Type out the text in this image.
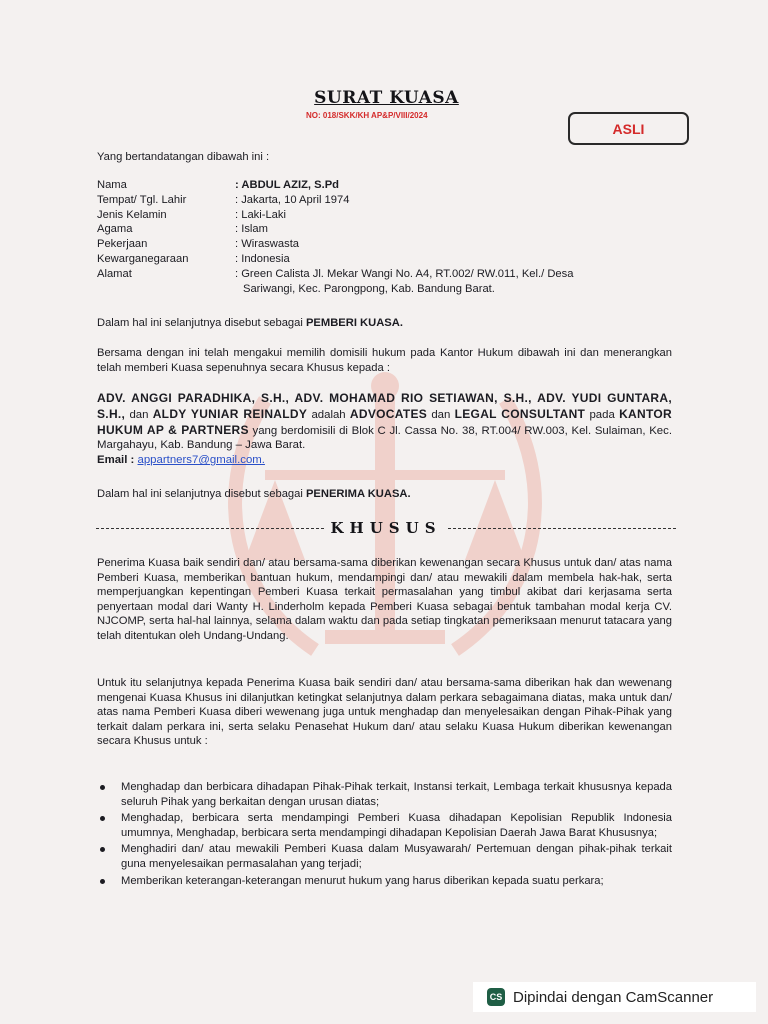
SURAT KUASA
NO: 018/SKK/KH AP&P/VIII/2024
ASLI
Yang bertandatangan dibawah ini :
Nama	: ABDUL AZIZ, S.Pd
Tempat/ Tgl. Lahir	: Jakarta, 10 April 1974
Jenis Kelamin	: Laki-Laki
Agama	: Islam
Pekerjaan	: Wiraswasta
Kewarganegaraan	: Indonesia
Alamat	: Green Calista Jl. Mekar Wangi No. A4, RT.002/ RW.011, Kel./ Desa
Sariwangi, Kec. Parongpong, Kab. Bandung Barat.
Dalam hal ini selanjutnya disebut sebagai PEMBERI KUASA.
Bersama dengan ini telah mengakui memilih domisili hukum pada Kantor Hukum dibawah ini dan menerangkan telah memberi Kuasa sepenuhnya secara Khusus kepada :
ADV. ANGGI PARADHIKA, S.H., ADV. MOHAMAD RIO SETIAWAN, S.H., ADV. YUDI GUNTARA, S.H., dan ALDY YUNIAR REINALDY adalah ADVOCATES dan LEGAL CONSULTANT pada KANTOR HUKUM AP & PARTNERS yang berdomisili di Blok C Jl. Cassa No. 38, RT.004/ RW.003, Kel. Sulaiman, Kec. Margahayu, Kab. Bandung – Jawa Barat.
Email : appartners7@gmail.com.
Dalam hal ini selanjutnya disebut sebagai PENERIMA KUASA.
KHUSUS
Penerima Kuasa baik sendiri dan/ atau bersama-sama diberikan kewenangan secara Khusus untuk dan/ atas nama Pemberi Kuasa, memberikan bantuan hukum, mendampingi dan/ atau mewakili dalam membela hak-hak, serta memperjuangkan kepentingan Pemberi Kuasa terkait permasalahan yang timbul akibat dari kerjasama serta penyertaan modal dari Wanty H. Linderholm kepada Pemberi Kuasa sebagai bentuk tambahan modal kerja CV. NJCOMP, serta hal-hal lainnya, selama dalam waktu dan pada setiap tingkatan pemeriksaan menurut tatacara yang telah ditentukan oleh Undang-Undang.
Untuk itu selanjutnya kepada Penerima Kuasa baik sendiri dan/ atau bersama-sama diberikan hak dan wewenang mengenai Kuasa Khusus ini dilanjutkan ketingkat selanjutnya dalam perkara sebagaimana diatas, maka untuk dan/ atas nama Pemberi Kuasa diberi wewenang juga untuk menghadap dan menyelesaikan dengan Pihak-Pihak yang terkait dalam perkara ini, serta selaku Penasehat Hukum dan/ atau selaku Kuasa Hukum diberikan kewenangan secara Khusus untuk :
Menghadap dan berbicara dihadapan Pihak-Pihak terkait, Instansi terkait, Lembaga terkait khususnya kepada seluruh Pihak yang berkaitan dengan urusan diatas;
Menghadap, berbicara serta mendampingi Pemberi Kuasa dihadapan Kepolisian Republik Indonesia umumnya, Menghadap, berbicara serta mendampingi dihadapan Kepolisian Daerah Jawa Barat Khususnya;
Menghadiri dan/ atau mewakili Pemberi Kuasa dalam Musyawarah/ Pertemuan dengan pihak-pihak terkait guna menyelesaikan permasalahan yang terjadi;
Memberikan keterangan-keterangan menurut hukum yang harus diberikan kepada suatu perkara;
CS Dipindai dengan CamScanner
